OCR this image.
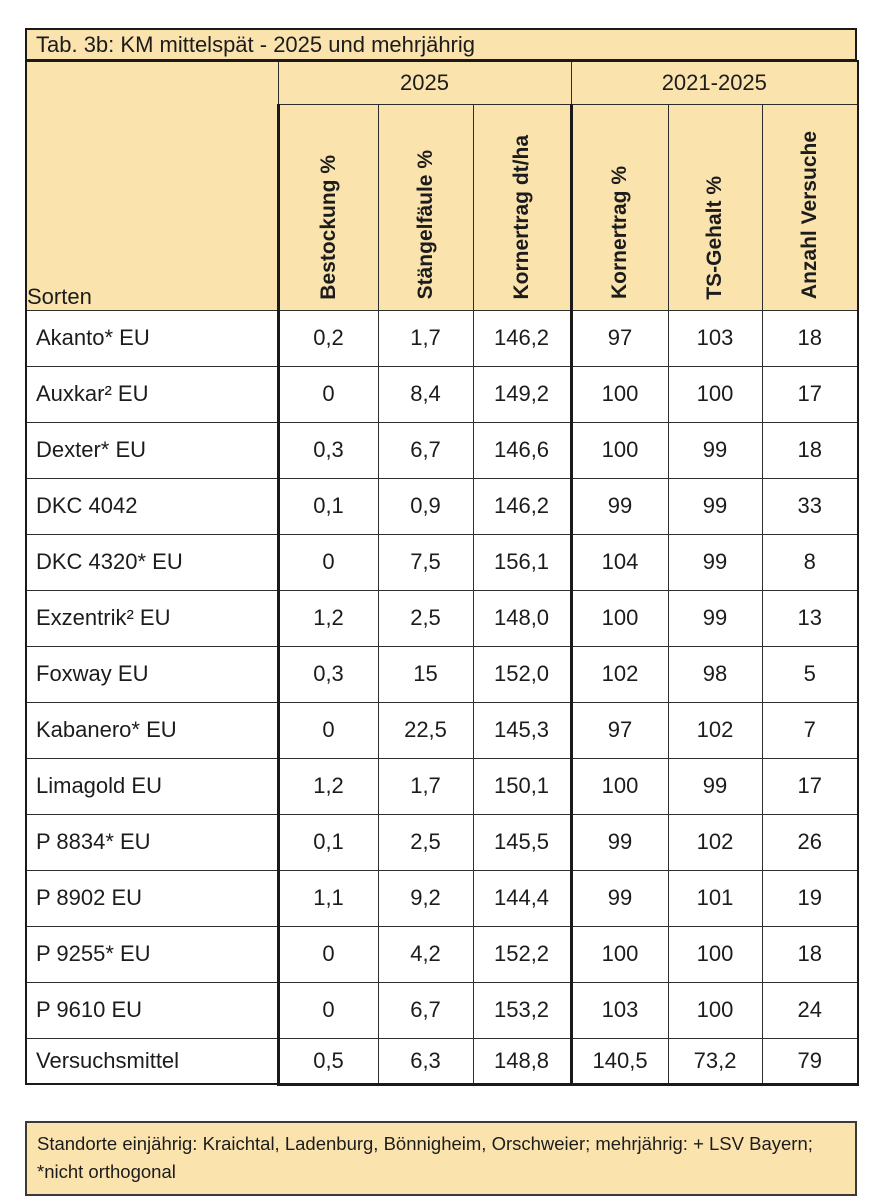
Tab. 3b: KM mittelspät - 2025 und mehrjährig
Sorten	2025			2021-2025		

	Bestockung %	Stängelfäule %	Kornertrag dt/ha	Kornertrag %	TS-Gehalt %	Anzahl Versuche

Akanto* EU	0,2	1,7	146,2	97	103	18
Auxkar² EU	0	8,4	149,2	100	100	17
Dexter* EU	0,3	6,7	146,6	100	99	18
DKC 4042	0,1	0,9	146,2	99	99	33
DKC 4320* EU	0	7,5	156,1	104	99	8
Exzentrik² EU	1,2	2,5	148,0	100	99	13
Foxway EU	0,3	15	152,0	102	98	5
Kabanero* EU	0	22,5	145,3	97	102	7
Limagold EU	1,2	1,7	150,1	100	99	17
P 8834* EU	0,1	2,5	145,5	99	102	26
P 8902 EU	1,1	9,2	144,4	99	101	19
P 9255* EU	0	4,2	152,2	100	100	18
P 9610 EU	0	6,7	153,2	103	100	24
Versuchsmittel	0,5	6,3	148,8	140,5	73,2	79
Standorte einjährig: Kraichtal, Ladenburg, Bönnigheim, Orschweier; mehrjährig: + LSV Bayern;
*nicht orthogonal
